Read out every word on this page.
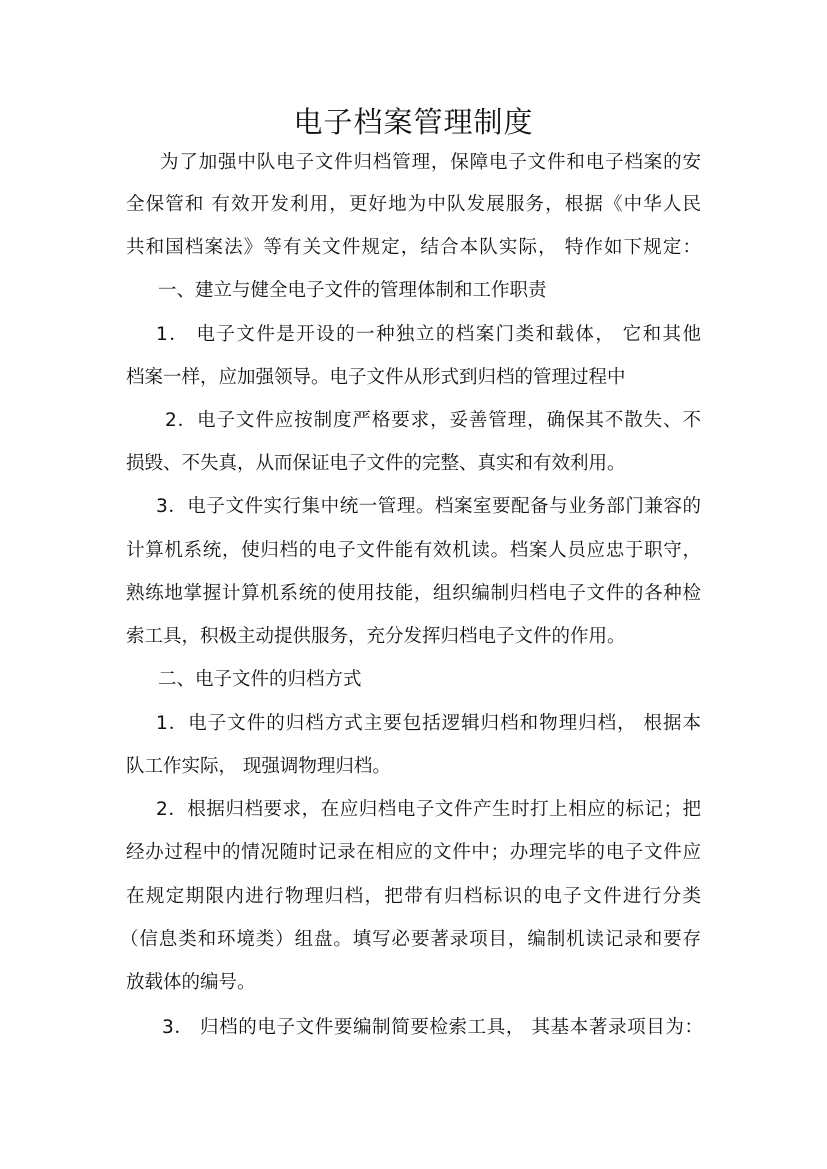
电子档案管理制度
为了加强中队电子文件归档管理，保障电子文件和电子档案的安
全保管和 有效开发利用，更好地为中队发展服务，根据《中华人民
共和国档案法》等有关文件规定，结合本队实际， 特作如下规定：
一、建立与健全电子文件的管理体制和工作职责
1． 电子文件是开设的一种独立的档案门类和载体， 它和其他
档案一样，应加强领导。电子文件从形式到归档的管理过程中
2．电子文件应按制度严格要求，妥善管理，确保其不散失、不
损毁、不失真，从而保证电子文件的完整、真实和有效利用。
3．电子文件实行集中统一管理。档案室要配备与业务部门兼容的
计算机系统，使归档的电子文件能有效机读。档案人员应忠于职守，
熟练地掌握计算机系统的使用技能，组织编制归档电子文件的各种检
索工具，积极主动提供服务，充分发挥归档电子文件的作用。
二、电子文件的归档方式
1．电子文件的归档方式主要包括逻辑归档和物理归档， 根据本
队工作实际， 现强调物理归档。
2．根据归档要求，在应归档电子文件产生时打上相应的标记；把
经办过程中的情况随时记录在相应的文件中；办理完毕的电子文件应
在规定期限内进行物理归档，把带有归档标识的电子文件进行分类
（信息类和环境类）组盘。填写必要著录项目，编制机读记录和要存
放载体的编号。
3． 归档的电子文件要编制简要检索工具， 其基本著录项目为：
